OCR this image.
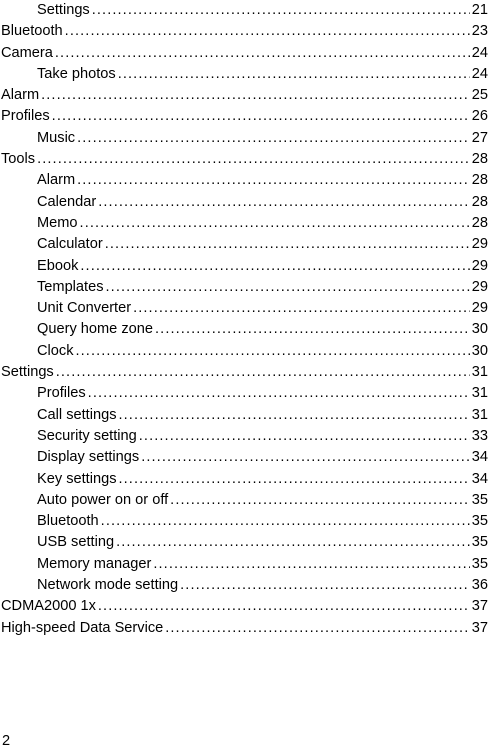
Settings .....	21
Bluetooth .....	23
Camera .....	24
Take photos .....	24
Alarm .....	25
Profiles .....	26
Music .....	27
Tools .....	28
Alarm .....	28
Calendar .....	28
Memo .....	28
Calculator .....	29
Ebook .....	29
Templates .....	29
Unit Converter .....	29
Query home zone .....	30
Clock .....	30
Settings .....	31
Profiles .....	31
Call settings .....	31
Security setting .....	33
Display settings .....	34
Key settings .....	34
Auto power on or off .....	35
Bluetooth .....	35
USB setting .....	35
Memory manager .....	35
Network mode setting .....	36
CDMA2000 1x .....	37
High-speed Data Service .....	37
2
